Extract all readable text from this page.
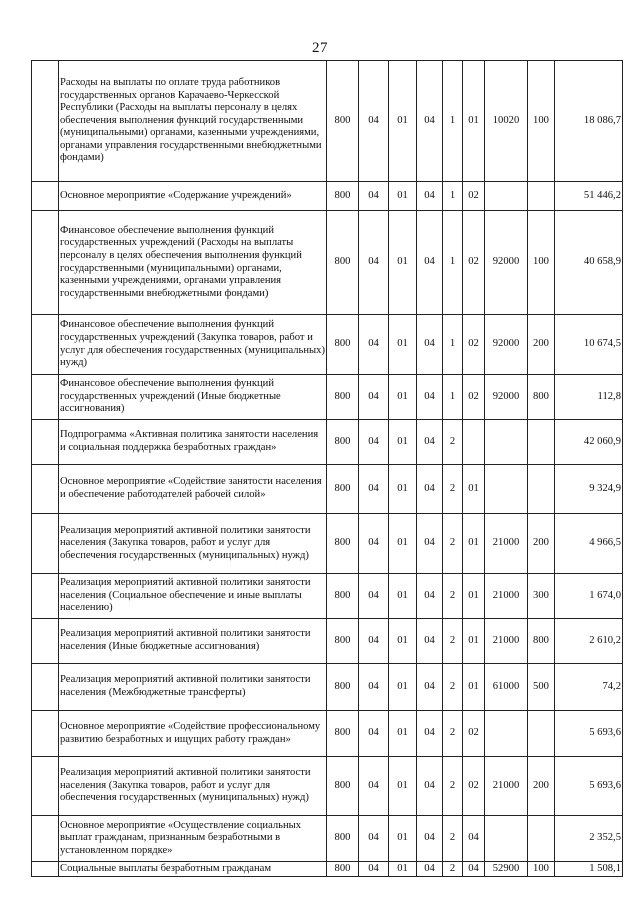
27
	Расходы на выплаты по оплате труда работников государственных органов Карачаево-Черкесской Республики (Расходы на выплаты персоналу в целях обеспечения выполнения функций государственными (муниципальными) органами, казенными учреждениями, органами управления государственными внебюджетными фондами)	800	04	01	04	1	01	10020	100	18 086,7
	Основное мероприятие «Содержание учреждений»	800	04	01	04	1	02			51 446,2
	Финансовое обеспечение выполнения функций государственных учреждений (Расходы на выплаты персоналу в целях обеспечения выполнения функций государственными (муниципальными) органами, казенными учреждениями, органами управления государственными внебюджетными фондами)	800	04	01	04	1	02	92000	100	40 658,9
	Финансовое обеспечение выполнения функций государственных учреждений (Закупка товаров, работ и услуг для обеспечения государственных (муниципальных) нужд)	800	04	01	04	1	02	92000	200	10 674,5
	Финансовое обеспечение выполнения функций государственных учреждений (Иные бюджетные ассигнования)	800	04	01	04	1	02	92000	800	112,8
	Подпрограмма «Активная политика занятости населения и социальная поддержка безработных граждан»	800	04	01	04	2				42 060,9
	Основное мероприятие «Содействие занятости населения и обеспечение работодателей рабочей силой»	800	04	01	04	2	01			9 324,9
	Реализация мероприятий активной политики занятости населения (Закупка товаров, работ и услуг для обеспечения государственных (муниципальных) нужд)	800	04	01	04	2	01	21000	200	4 966,5
	Реализация мероприятий активной политики занятости населения (Социальное обеспечение и иные выплаты населению)	800	04	01	04	2	01	21000	300	1 674,0
	Реализация мероприятий активной политики занятости населения (Иные бюджетные ассигнования)	800	04	01	04	2	01	21000	800	2 610,2
	Реализация мероприятий активной политики занятости населения (Межбюджетные трансферты)	800	04	01	04	2	01	61000	500	74,2
	Основное мероприятие «Содействие профессиональному развитию безработных и ищущих работу граждан»	800	04	01	04	2	02			5 693,6
	Реализация мероприятий активной политики занятости населения (Закупка товаров, работ и услуг для обеспечения государственных (муниципальных) нужд)	800	04	01	04	2	02	21000	200	5 693,6
	Основное мероприятие «Осуществление социальных выплат гражданам, признанным безработными в установленном порядке»	800	04	01	04	2	04			2 352,5
	Социальные выплаты безработным гражданам	800	04	01	04	2	04	52900	100	1 508,1
